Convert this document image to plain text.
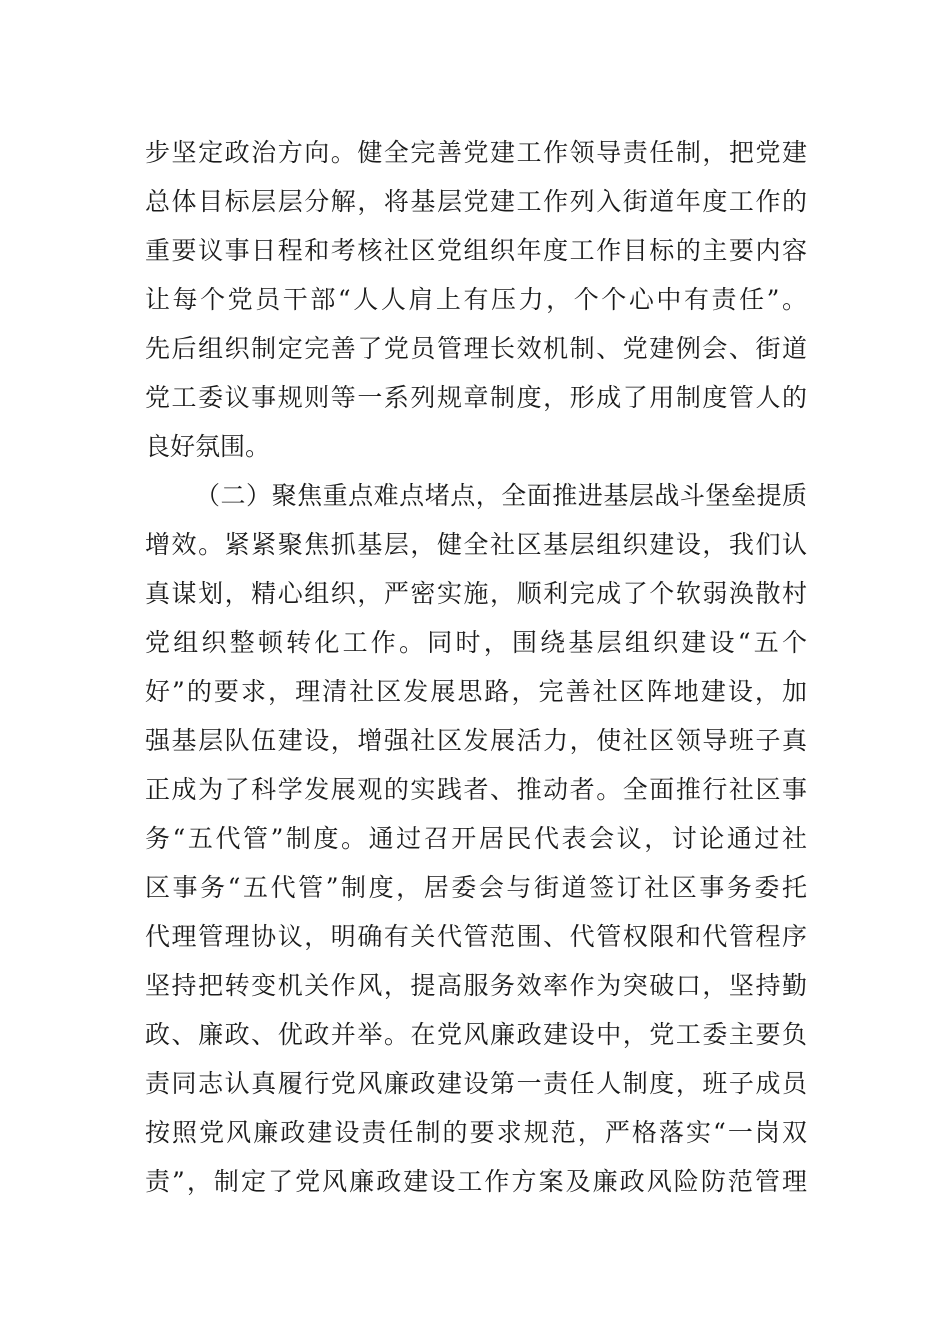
步坚定政治方向。健全完善党建工作领导责任制，把党建
总体目标层层分解，将基层党建工作列入街道年度工作的
重要议事日程和考核社区党组织年度工作目标的主要内容
让每个党员干部“人人肩上有压力，个个心中有责任”。
先后组织制定完善了党员管理长效机制、党建例会、街道
党工委议事规则等一系列规章制度，形成了用制度管人的
良好氛围。
（二）聚焦重点难点堵点，全面推进基层战斗堡垒提质
增效。紧紧聚焦抓基层，健全社区基层组织建设，我们认
真谋划，精心组织，严密实施，顺利完成了个软弱涣散村
党组织整顿转化工作。同时，围绕基层组织建设“五个
好”的要求，理清社区发展思路，完善社区阵地建设，加
强基层队伍建设，增强社区发展活力，使社区领导班子真
正成为了科学发展观的实践者、推动者。全面推行社区事
务“五代管”制度。通过召开居民代表会议，讨论通过社
区事务“五代管”制度，居委会与街道签订社区事务委托
代理管理协议，明确有关代管范围、代管权限和代管程序
坚持把转变机关作风，提高服务效率作为突破口，坚持勤
政、廉政、优政并举。在党风廉政建设中，党工委主要负
责同志认真履行党风廉政建设第一责任人制度，班子成员
按照党风廉政建设责任制的要求规范，严格落实“一岗双
责”，制定了党风廉政建设工作方案及廉政风险防范管理
